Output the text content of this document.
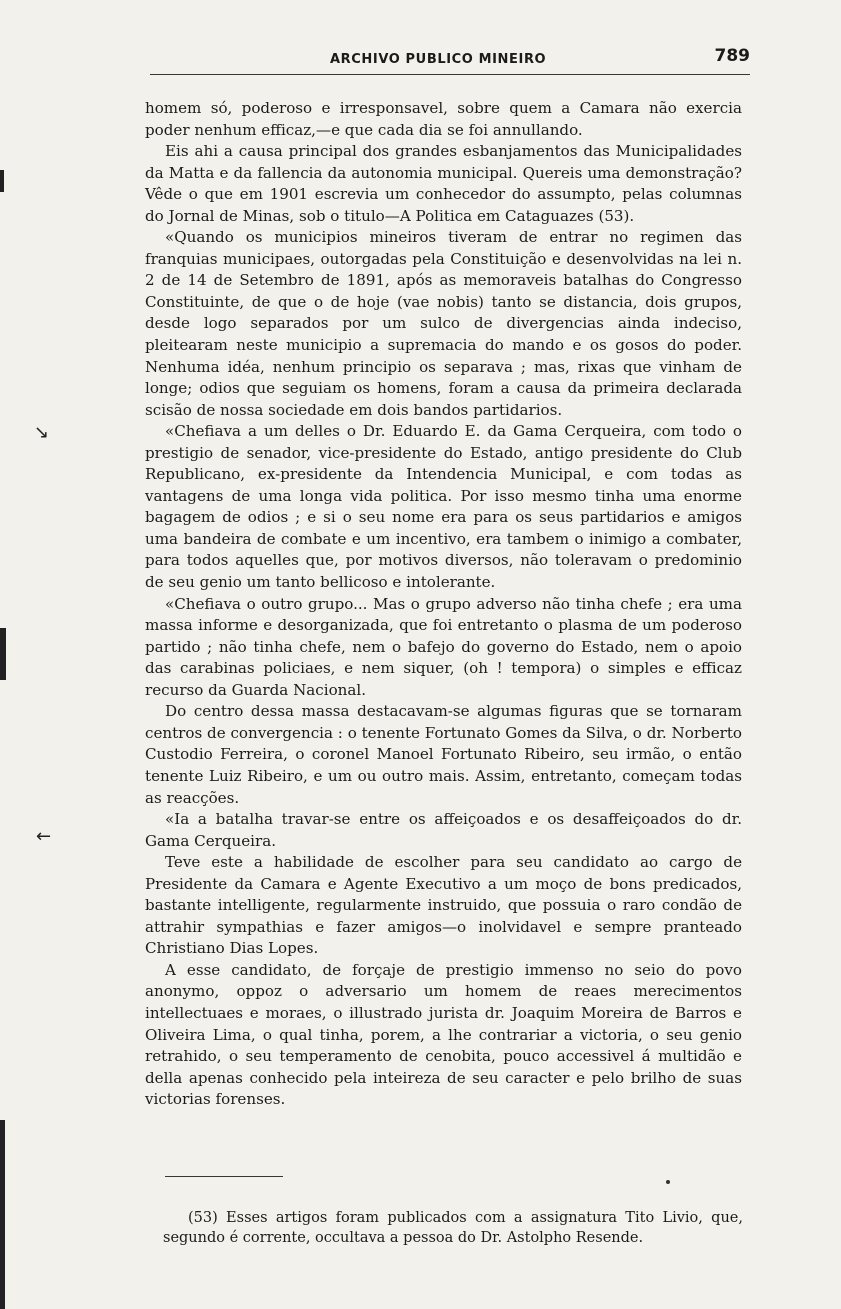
↘
←
ARCHIVO PUBLICO MINEIRO	789

homem só, poderoso e irresponsavel, sobre quem a Camara não exercia poder nenhum efficaz,—e que cada dia se foi annullando.

Eis ahi a causa principal dos grandes esbanjamentos das Municipalidades da Matta e da fallencia da autonomia municipal. Quereis uma demonstração? Vêde o que em 1901 escrevia um conhecedor do assumpto, pelas columnas do Jornal de Minas, sob o titulo—A Politica em Cataguazes (53).

«Quando os municipios mineiros tiveram de entrar no regimen das franquias municipaes, outorgadas pela Constituição e desenvolvidas na lei n. 2 de 14 de Setembro de 1891, após as memoraveis batalhas do Congresso Constituinte, de que o de hoje (vae nobis) tanto se distancia, dois grupos, desde logo separados por um sulco de divergencias ainda indeciso, pleitearam neste municipio a supremacia do mando e os gosos do poder. Nenhuma idéa, nenhum principio os separava ; mas, rixas que vinham de longe; odios que seguiam os homens, foram a causa da primeira declarada scisão de nossa sociedade em dois bandos partidarios.

«Chefiava a um delles o Dr. Eduardo E. da Gama Cerqueira, com todo o prestigio de senador, vice-presidente do Estado, antigo presidente do Club Republicano, ex-presidente da Intendencia Municipal, e com todas as vantagens de uma longa vida politica. Por isso mesmo tinha uma enorme bagagem de odios ; e si o seu nome era para os seus partidarios e amigos uma bandeira de combate e um incentivo, era tambem o inimigo a combater, para todos aquelles que, por motivos diversos, não toleravam o predominio de seu genio um tanto bellicoso e intolerante.

«Chefiava o outro grupo... Mas o grupo adverso não tinha chefe ; era uma massa informe e desorganizada, que foi entretanto o plasma de um poderoso partido ; não tinha chefe, nem o bafejo do governo do Estado, nem o apoio das carabinas policiaes, e nem siquer, (oh ! tempora) o simples e efficaz recurso da Guarda Nacional.

Do centro dessa massa destacavam-se algumas figuras que se tornaram centros de convergencia : o tenente Fortunato Gomes da Silva, o dr. Norberto Custodio Ferreira, o coronel Manoel Fortunato Ribeiro, seu irmão, o então tenente Luiz Ribeiro, e um ou outro mais. Assim, entretanto, começam todas as reacções.

«Ia a batalha travar-se entre os affeiçoados e os desaffeiçoados do dr. Gama Cerqueira.

Teve este a habilidade de escolher para seu candidato ao cargo de Presidente da Camara e Agente Executivo a um moço de bons predicados, bastante intelligente, regularmente instruido, que possuia o raro condão de attrahir sympathias e fazer amigos—o inolvidavel e sempre pranteado Christiano Dias Lopes.

A esse candidato, de forçaje de prestigio immenso no seio do povo anonymo, oppoz o adversario um homem de reaes merecimentos intellectuaes e moraes, o illustrado jurista dr. Joaquim Moreira de Barros e Oliveira Lima, o qual tinha, porem, a lhe contrariar a victoria, o seu genio retrahido, o seu temperamento de cenobita, pouco accessivel á multidão e della apenas conhecido pela inteireza de seu caracter e pelo brilho de suas victorias forenses.

(53) Esses artigos foram publicados com a assignatura Tito Livio, que, segundo é corrente, occultava a pessoa do Dr. Astolpho Resende.
